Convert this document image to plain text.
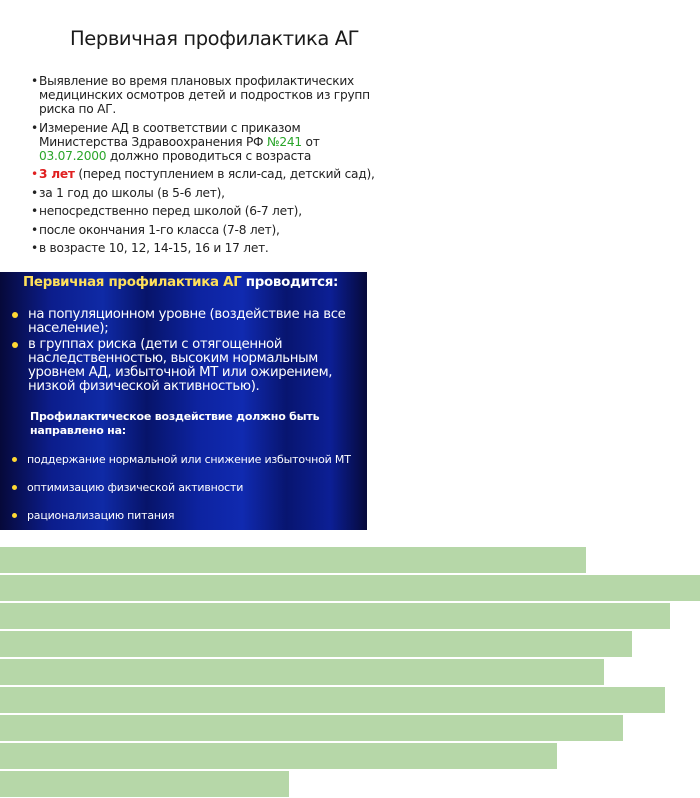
Первичная профилактика АГ
• Выявление во время плановых профилактических медицинских осмотров детей и подростков из групп риска по АГ.
• Измерение АД в соответствии с приказом Министерства Здравоохранения РФ №241 от
03.07.2000 должно проводиться с возраста
• 3 лет (перед поступлением в ясли-сад, детский сад),
• за 1 год до школы (в 5-6 лет),
• непосредственно перед школой (6-7 лет),
• после окончания 1-го класса (7-8 лет),
• в возрасте 10, 12, 14-15, 16 и 17 лет.
Первичная профилактика АГ проводится:
на популяционном уровне (воздействие на все население);
в группах риска (дети с отягощенной наследственностью, высоким нормальным уровнем АД, избыточной МТ или ожирением, низкой физической активностью).
Профилактическое воздействие должно быть направлено на:
поддержание нормальной или снижение избыточной МТ
оптимизацию физической активности
рационализацию питания
